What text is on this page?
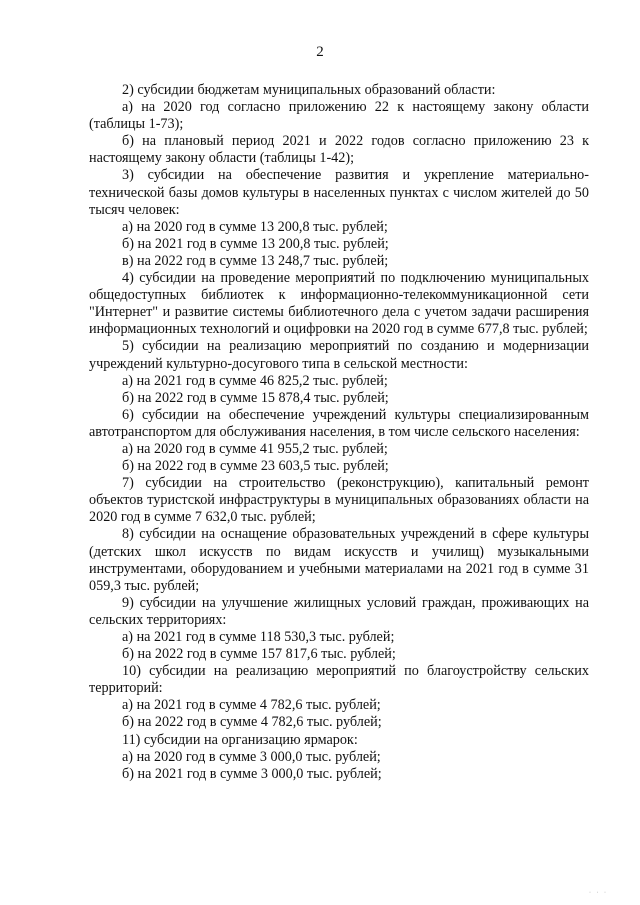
2

2) субсидии бюджетам муниципальных образований области:

а) на 2020 год согласно приложению 22 к настоящему закону области (таблицы 1-73);

б) на плановый период 2021 и 2022 годов согласно приложению 23 к настоящему закону области (таблицы 1-42);

3) субсидии на обеспечение развития и укрепление материально-технической базы домов культуры в населенных пунктах с числом жителей до 50 тысяч человек:

а) на 2020 год в сумме 13 200,8 тыс. рублей;

б) на 2021 год в сумме 13 200,8 тыс. рублей;

в) на 2022 год в сумме 13 248,7 тыс. рублей;

4) субсидии на проведение мероприятий по подключению муниципальных общедоступных библиотек к информационно-телекоммуникационной сети "Интернет" и развитие системы библиотечного дела с учетом задачи расширения информационных технологий и оцифровки на 2020 год в сумме 677,8 тыс. рублей;

5) субсидии на реализацию мероприятий по созданию и модернизации учреждений культурно-досугового типа в сельской местности:

а) на 2021 год в сумме 46 825,2 тыс. рублей;

б) на 2022 год в сумме 15 878,4 тыс. рублей;

6) субсидии на обеспечение учреждений культуры специализированным автотранспортом для обслуживания населения, в том числе сельского населения:

а) на 2020 год в сумме 41 955,2 тыс. рублей;

б) на 2022 год в сумме 23 603,5 тыс. рублей;

7) субсидии на строительство (реконструкцию), капитальный ремонт объектов туристской инфраструктуры в муниципальных образованиях области на 2020 год в сумме 7 632,0 тыс. рублей;

8) субсидии на оснащение образовательных учреждений в сфере культуры (детских школ искусств по видам искусств и училищ) музыкальными инструментами, оборудованием и учебными материалами на 2021 год в сумме 31 059,3 тыс. рублей;

9) субсидии на улучшение жилищных условий граждан, проживающих на сельских территориях:

а) на 2021 год в сумме 118 530,3 тыс. рублей;

б) на 2022 год в сумме 157 817,6 тыс. рублей;

10) субсидии на реализацию мероприятий по благоустройству сельских территорий:

а) на 2021 год в сумме 4 782,6 тыс. рублей;

б) на 2022 год в сумме 4 782,6 тыс. рублей;

11) субсидии на организацию ярмарок:

а) на 2020 год в сумме 3 000,0 тыс. рублей;

б) на 2021 год в сумме 3 000,0 тыс. рублей;

· · ·
